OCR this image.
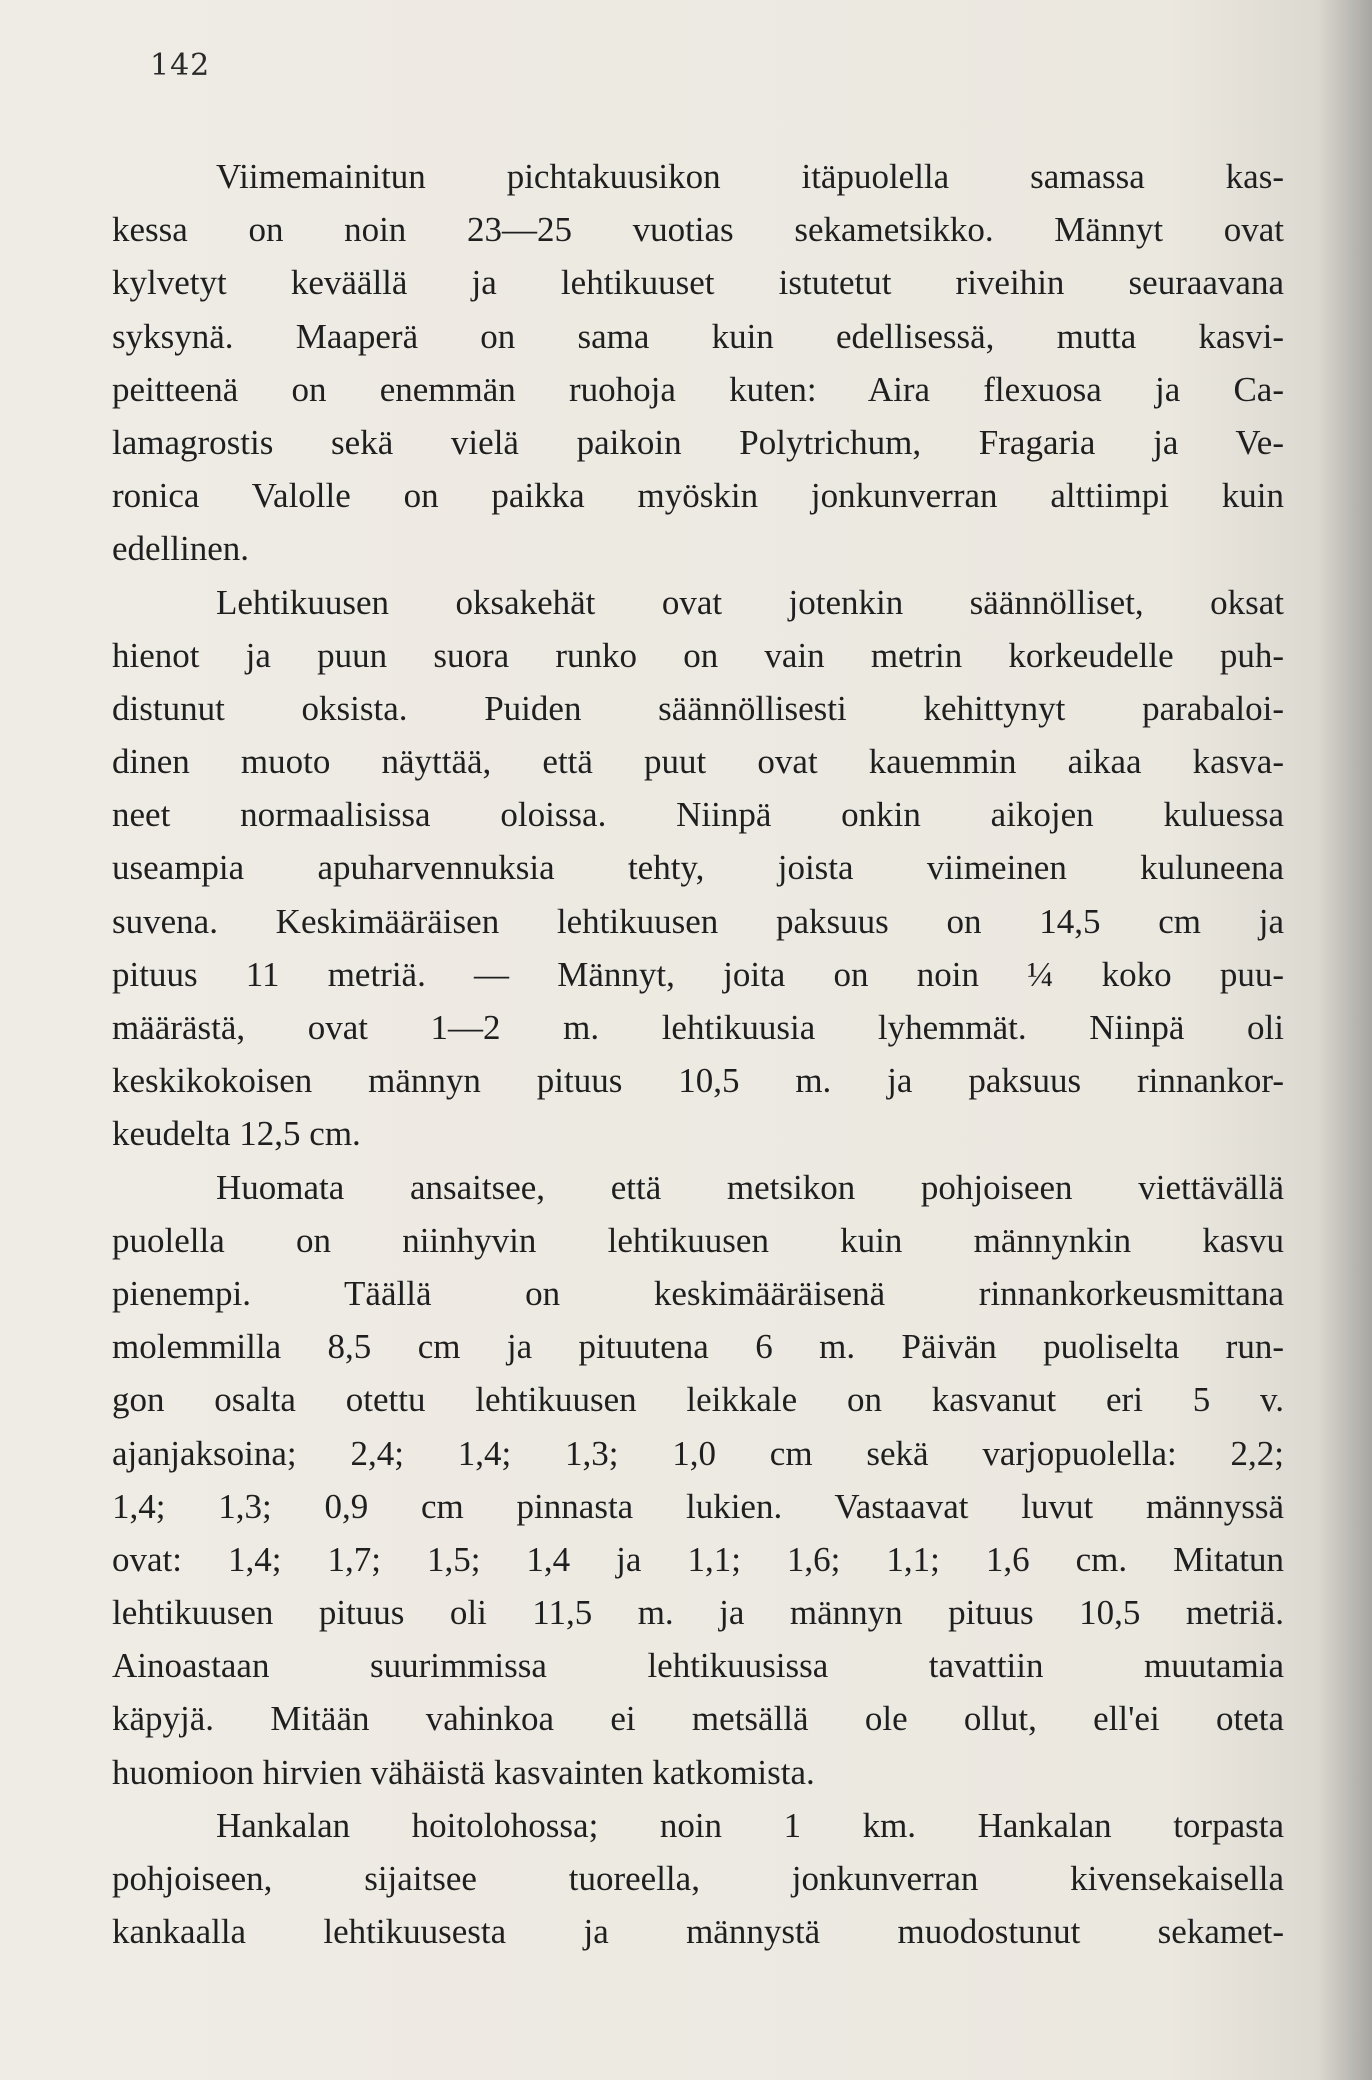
142
Viimemainitun pichtakuusikon itäpuolella samassa kas-
kessa on noin 23—25 vuotias sekametsikko. Männyt ovat
kylvetyt keväällä ja lehtikuuset istutetut riveihin seuraavana
syksynä. Maaperä on sama kuin edellisessä, mutta kasvi-
peitteenä on enemmän ruohoja kuten: Aira flexuosa ja Ca-
lamagrostis sekä vielä paikoin Polytrichum, Fragaria ja Ve-
ronica Valolle on paikka myöskin jonkunverran alttiimpi kuin
edellinen.
Lehtikuusen oksakehät ovat jotenkin säännölliset, oksat
hienot ja puun suora runko on vain metrin korkeudelle puh-
distunut oksista. Puiden säännöllisesti kehittynyt parabaloi-
dinen muoto näyttää, että puut ovat kauemmin aikaa kasva-
neet normaalisissa oloissa. Niinpä onkin aikojen kuluessa
useampia apuharvennuksia tehty, joista viimeinen kuluneena
suvena. Keskimääräisen lehtikuusen paksuus on 14,5 cm ja
pituus 11 metriä. — Männyt, joita on noin ¼ koko puu-
määrästä, ovat 1—2 m. lehtikuusia lyhemmät. Niinpä oli
keskikokoisen männyn pituus 10,5 m. ja paksuus rinnankor-
keudelta 12,5 cm.
Huomata ansaitsee, että metsikon pohjoiseen viettävällä
puolella on niinhyvin lehtikuusen kuin männynkin kasvu
pienempi. Täällä on keskimääräisenä rinnankorkeusmittana
molemmilla 8,5 cm ja pituutena 6 m. Päivän puoliselta run-
gon osalta otettu lehtikuusen leikkale on kasvanut eri 5 v.
ajanjaksoina; 2,4; 1,4; 1,3; 1,0 cm sekä varjopuolella: 2,2;
1,4; 1,3; 0,9 cm pinnasta lukien. Vastaavat luvut männyssä
ovat: 1,4; 1,7; 1,5; 1,4 ja 1,1; 1,6; 1,1; 1,6 cm. Mitatun
lehtikuusen pituus oli 11,5 m. ja männyn pituus 10,5 metriä.
Ainoastaan suurimmissa lehtikuusissa tavattiin muutamia
käpyjä. Mitään vahinkoa ei metsällä ole ollut, ell'ei oteta
huomioon hirvien vähäistä kasvainten katkomista.
Hankalan hoitolohossa; noin 1 km. Hankalan torpasta
pohjoiseen, sijaitsee tuoreella, jonkunverran kivensekaisella
kankaalla lehtikuusesta ja männystä muodostunut sekamet-
